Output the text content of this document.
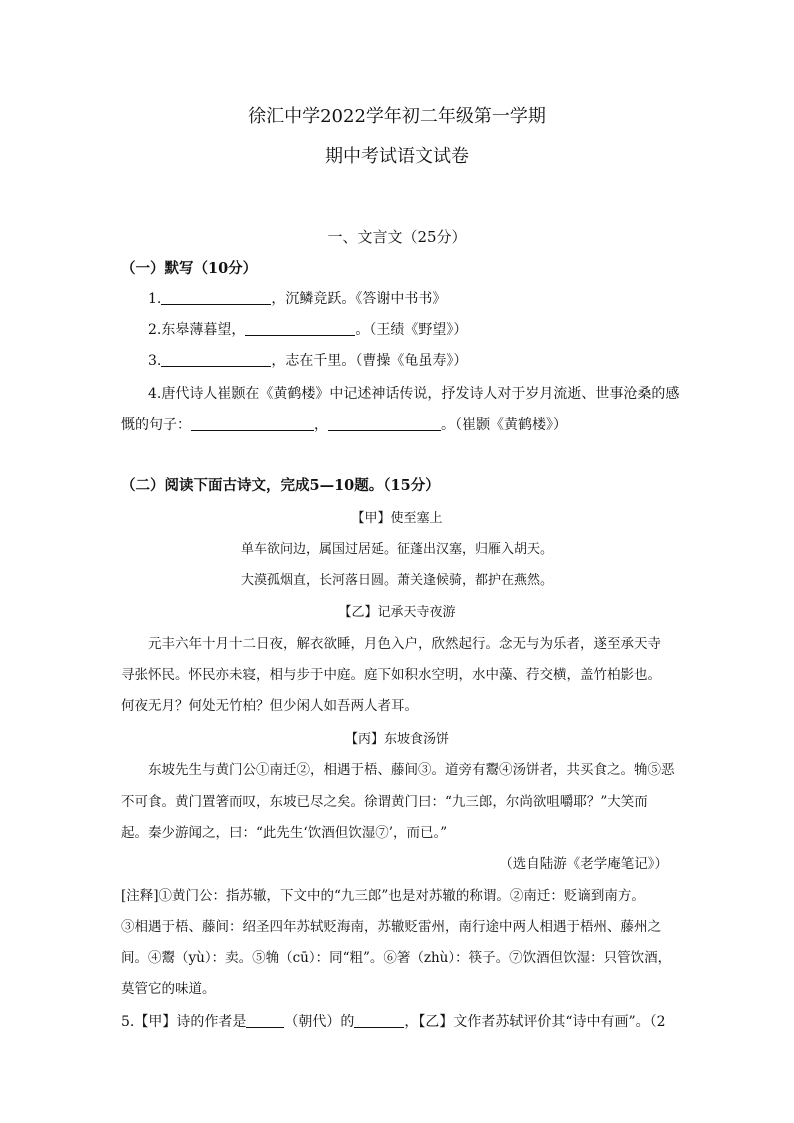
徐汇中学2022学年初二年级第一学期
期中考试语文试卷
一、文言文（25分）
（一）默写（10分）
1.	，沉鳞竞跃。《答谢中书书》
2.东皋薄暮望，	。（王绩《野望》）
3.	，志在千里。（曹操《龟虽寿》）
4.唐代诗人崔颢在《黄鹤楼》中记述神话传说，抒发诗人对于岁月流逝、世事沧桑的感
慨的句子：	，	。（崔颢《黄鹤楼》）
（二）阅读下面古诗文，完成5—10题。（15分）
【甲】使至塞上
单车欲问边，属国过居延。征蓬出汉塞，归雁入胡天。
大漠孤烟直，长河落日圆。萧关逢候骑，都护在燕然。
【乙】记承天寺夜游
元丰六年十月十二日夜，解衣欲睡，月色入户，欣然起行。念无与为乐者，遂至承天寺
寻张怀民。怀民亦未寝，相与步于中庭。庭下如积水空明，水中藻、荇交横，盖竹柏影也。
何夜无月？何处无竹柏？但少闲人如吾两人者耳。
【丙】东坡食汤饼
东坡先生与黄门公①南迁②，相遇于梧、藤间③。道旁有鬻④汤饼者，共买食之。觕⑤恶
不可食。黄门置箸而叹，东坡已尽之矣。徐谓黄门曰：“九三郎，尔尚欲咀嚼耶？”大笑而
起。秦少游闻之，曰：“此先生‘饮酒但饮湿⑦’，而已。”
（选自陆游《老学庵笔记》）
[注释]①黄门公：指苏辙，下文中的“九三郎”也是对苏辙的称谓。②南迁：贬谪到南方。
③相遇于梧、藤间：绍圣四年苏轼贬海南，苏辙贬雷州，南行途中两人相遇于梧州、藤州之
间。④鬻（yù）：卖。⑤觕（cū）：同“粗”。⑥箸（zhù）：筷子。⑦饮酒但饮湿：只管饮酒，
莫管它的味道。
5.【甲】诗的作者是	（朝代）的	，【乙】文作者苏轼评价其“诗中有画”。（2
